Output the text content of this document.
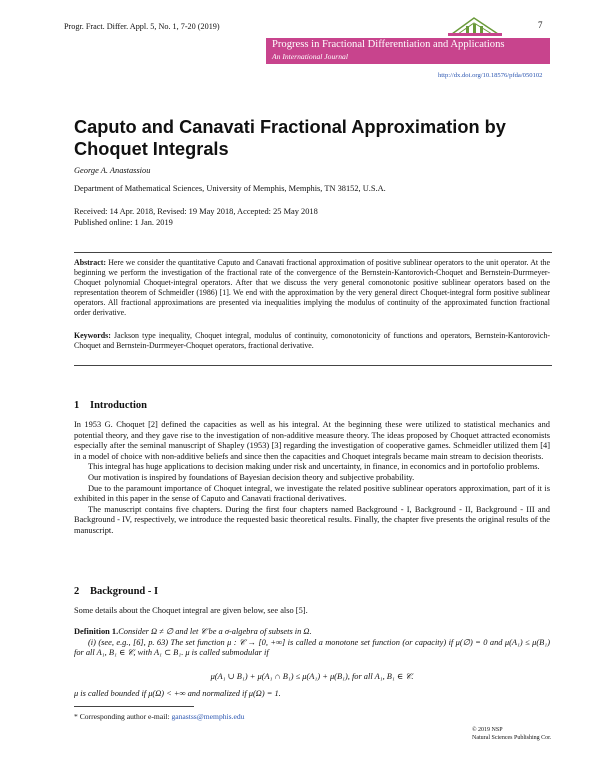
Progr. Fract. Differ. Appl. 5, No. 1, 7-20 (2019)	7
Progress in Fractional Differentiation and Applications
An International Journal
http://dx.doi.org/10.18576/pfda/050102
Caputo and Canavati Fractional Approximation by Choquet Integrals
George A. Anastassiou
Department of Mathematical Sciences, University of Memphis, Memphis, TN 38152, U.S.A.
Received: 14 Apr. 2018, Revised: 19 May 2018, Accepted: 25 May 2018
Published online: 1 Jan. 2019
Abstract: Here we consider the quantitative Caputo and Canavati fractional approximation of positive sublinear operators to the unit operator. At the beginning we perform the investigation of the fractional rate of the convergence of the Bernstein-Kantorovich-Choquet and Bernstein-Durrmeyer-Choquet polynomial Choquet-integral operators. After that we discuss the very general comonotonic positive sublinear operators based on the representation theorem of Schmeidler (1986) [1]. We end with the approximation by the very general direct Choquet-integral form positive sublinear operators. All fractional approximations are presented via inequalities implying the modulus of continuity of the approximated function fractional order derivative.
Keywords: Jackson type inequality, Choquet integral, modulus of continuity, comonotonicity of functions and operators, Bernstein-Kantorovich-Choquet and Bernstein-Durrmeyer-Choquet operators, fractional derivative.
1 Introduction

In 1953 G. Choquet [2] defined the capacities as well as his integral. At the beginning these were utilized to statistical mechanics and potential theory, and they gave rise to the investigation of non-additive measure theory. The ideas proposed by Choquet attracted economists especially after the seminal manuscript of Shapley (1953) [3] regarding the investigation of cooperative games. Schmeidler utilized them [4] in a model of choice with non-additive beliefs and since then the capacities and Choquet integrals became main stream to decision theorists.

This integral has huge applications to decision making under risk and uncertainty, in finance, in economics and in portofolio problems.

Our motivation is inspired by foundations of Bayesian decision theory and subjective probability.

Due to the paramount importance of Choquet integral, we investigate the related positive sublinear operators approximation, part of it is exhibited in this paper in the sense of Caputo and Canavati fractional derivatives.

The manuscript contains five chapters. During the first four chapters named Background - I, Background - II, Background - III and Background - IV, respectively, we introduce the requested basic theoretical results. Finally, the chapter five presents the original results of the manuscript.

2 Background - I
Some details about the Choquet integral are given below, see also [5].

Definition 1.Consider Ω ≠ ∅ and let 𝒞 be a σ-algebra of subsets in Ω.

(i) (see, e.g., [6], p. 63) The set function μ : 𝒞 → [0, +∞] is called a monotone set function (or capacity) if μ(∅) = 0 and μ(A₁) ≤ μ(B₁) for all A₁, B₁ ∈ 𝒞, with A₁ ⊂ B₁. μ is called submodular if

μ(A₁ ∪ B₁) + μ(A₁ ∩ B₁) ≤ μ(A₁) + μ(B₁), for all A₁, B₁ ∈ 𝒞.
μ is called bounded if μ(Ω) < +∞ and normalized if μ(Ω) = 1.
* Corresponding author e-mail: ganastss@memphis.edu
© 2019 NSP
Natural Sciences Publishing Cor.
